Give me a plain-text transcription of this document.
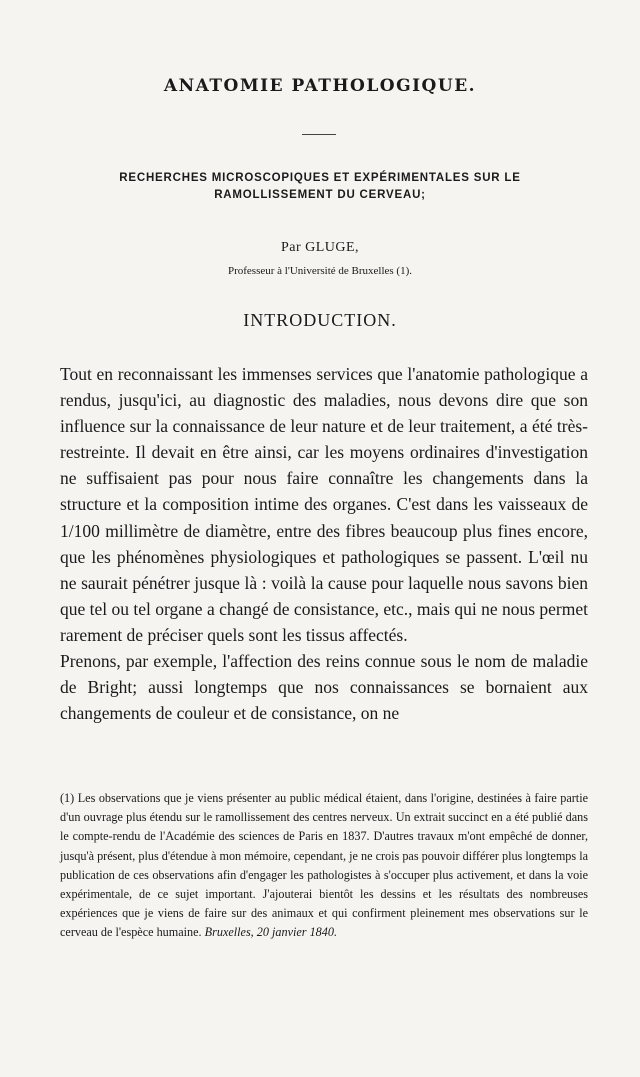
ANATOMIE PATHOLOGIQUE.
RECHERCHES MICROSCOPIQUES ET EXPÉRIMENTALES SUR LE
RAMOLLISSEMENT DU CERVEAU;

Par GLUGE,

Professeur à l'Université de Bruxelles (1).

INTRODUCTION.

Tout en reconnaissant les immenses services que l'anatomie pathologique a rendus, jusqu'ici, au diagnostic des maladies, nous devons dire que son influence sur la connaissance de leur nature et de leur traitement, a été très-restreinte. Il devait en être ainsi, car les moyens ordinaires d'investigation ne suffisaient pas pour nous faire connaître les changements dans la structure et la composition intime des organes. C'est dans les vaisseaux de 1/100 millimètre de diamètre, entre des fibres beaucoup plus fines encore, que les phénomènes physiologiques et pathologiques se passent. L'œil nu ne saurait pénétrer jusque là : voilà la cause pour laquelle nous savons bien que tel ou tel organe a changé de consistance, etc., mais qui ne nous permet rarement de préciser quels sont les tissus affectés.

Prenons, par exemple, l'affection des reins connue sous le nom de maladie de Bright; aussi longtemps que nos connaissances se bornaient aux changements de couleur et de consistance, on ne

(1) Les observations que je viens présenter au public médical étaient, dans l'origine, destinées à faire partie d'un ouvrage plus étendu sur le ramollissement des centres nerveux. Un extrait succinct en a été publié dans le compte-rendu de l'Académie des sciences de Paris en 1837. D'autres travaux m'ont empêché de donner, jusqu'à présent, plus d'étendue à mon mémoire, cependant, je ne crois pas pouvoir différer plus longtemps la publication de ces observations afin d'engager les pathologistes à s'occuper plus activement, et dans la voie expérimentale, de ce sujet important. J'ajouterai bientôt les dessins et les résultats des nombreuses expériences que je viens de faire sur des animaux et qui confirment pleinement mes observations sur le cerveau de l'espèce humaine. Bruxelles, 20 janvier 1840.
